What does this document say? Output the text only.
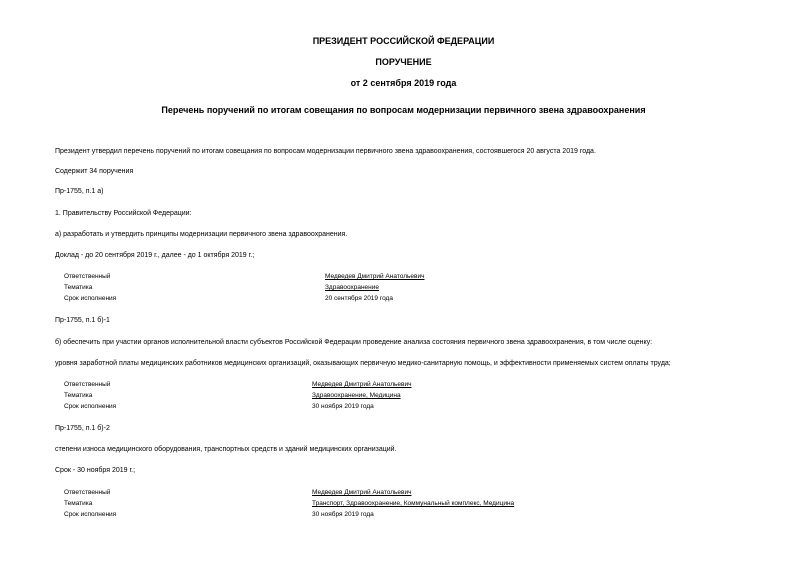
ПРЕЗИДЕНТ РОССИЙСКОЙ ФЕДЕРАЦИИ
ПОРУЧЕНИЕ
от 2 сентября 2019 года
Перечень поручений по итогам совещания по вопросам модернизации первичного звена здравоохранения
Президент утвердил перечень поручений по итогам совещания по вопросам модернизации первичного звена здравоохранения, состоявшегося 20 августа 2019 года.
Содержит 34 поручения
Пр-1755, п.1 а)
1. Правительству Российской Федерации:
а) разработать и утвердить принципы модернизации первичного звена здравоохранения.
Доклад - до 20 сентября 2019 г., далее - до 1 октября 2019 г.;
Ответственный	Медведев Дмитрий Анатольевич
Тематика	Здравоохранение
Срок исполнения	20 сентября 2019 года
Пр-1755, п.1 б)-1
б) обеспечить при участии органов исполнительной власти субъектов Российской Федерации проведение анализа состояния первичного звена здравоохранения, в том числе оценку:
уровня заработной платы медицинских работников медицинских организаций, оказывающих первичную медико-санитарную помощь, и эффективности применяемых систем оплаты труда;
Ответственный	Медведев Дмитрий Анатольевич
Тематика	Здравоохранение, Медицина
Срок исполнения	30 ноября 2019 года
Пр-1755, п.1 б)-2
степени износа медицинского оборудования, транспортных средств и зданий медицинских организаций.
Срок - 30 ноября 2019 г.;
Ответственный	Медведев Дмитрий Анатольевич
Тематика	Транспорт, Здравоохранение, Коммунальный комплекс, Медицина
Срок исполнения	30 ноября 2019 года
